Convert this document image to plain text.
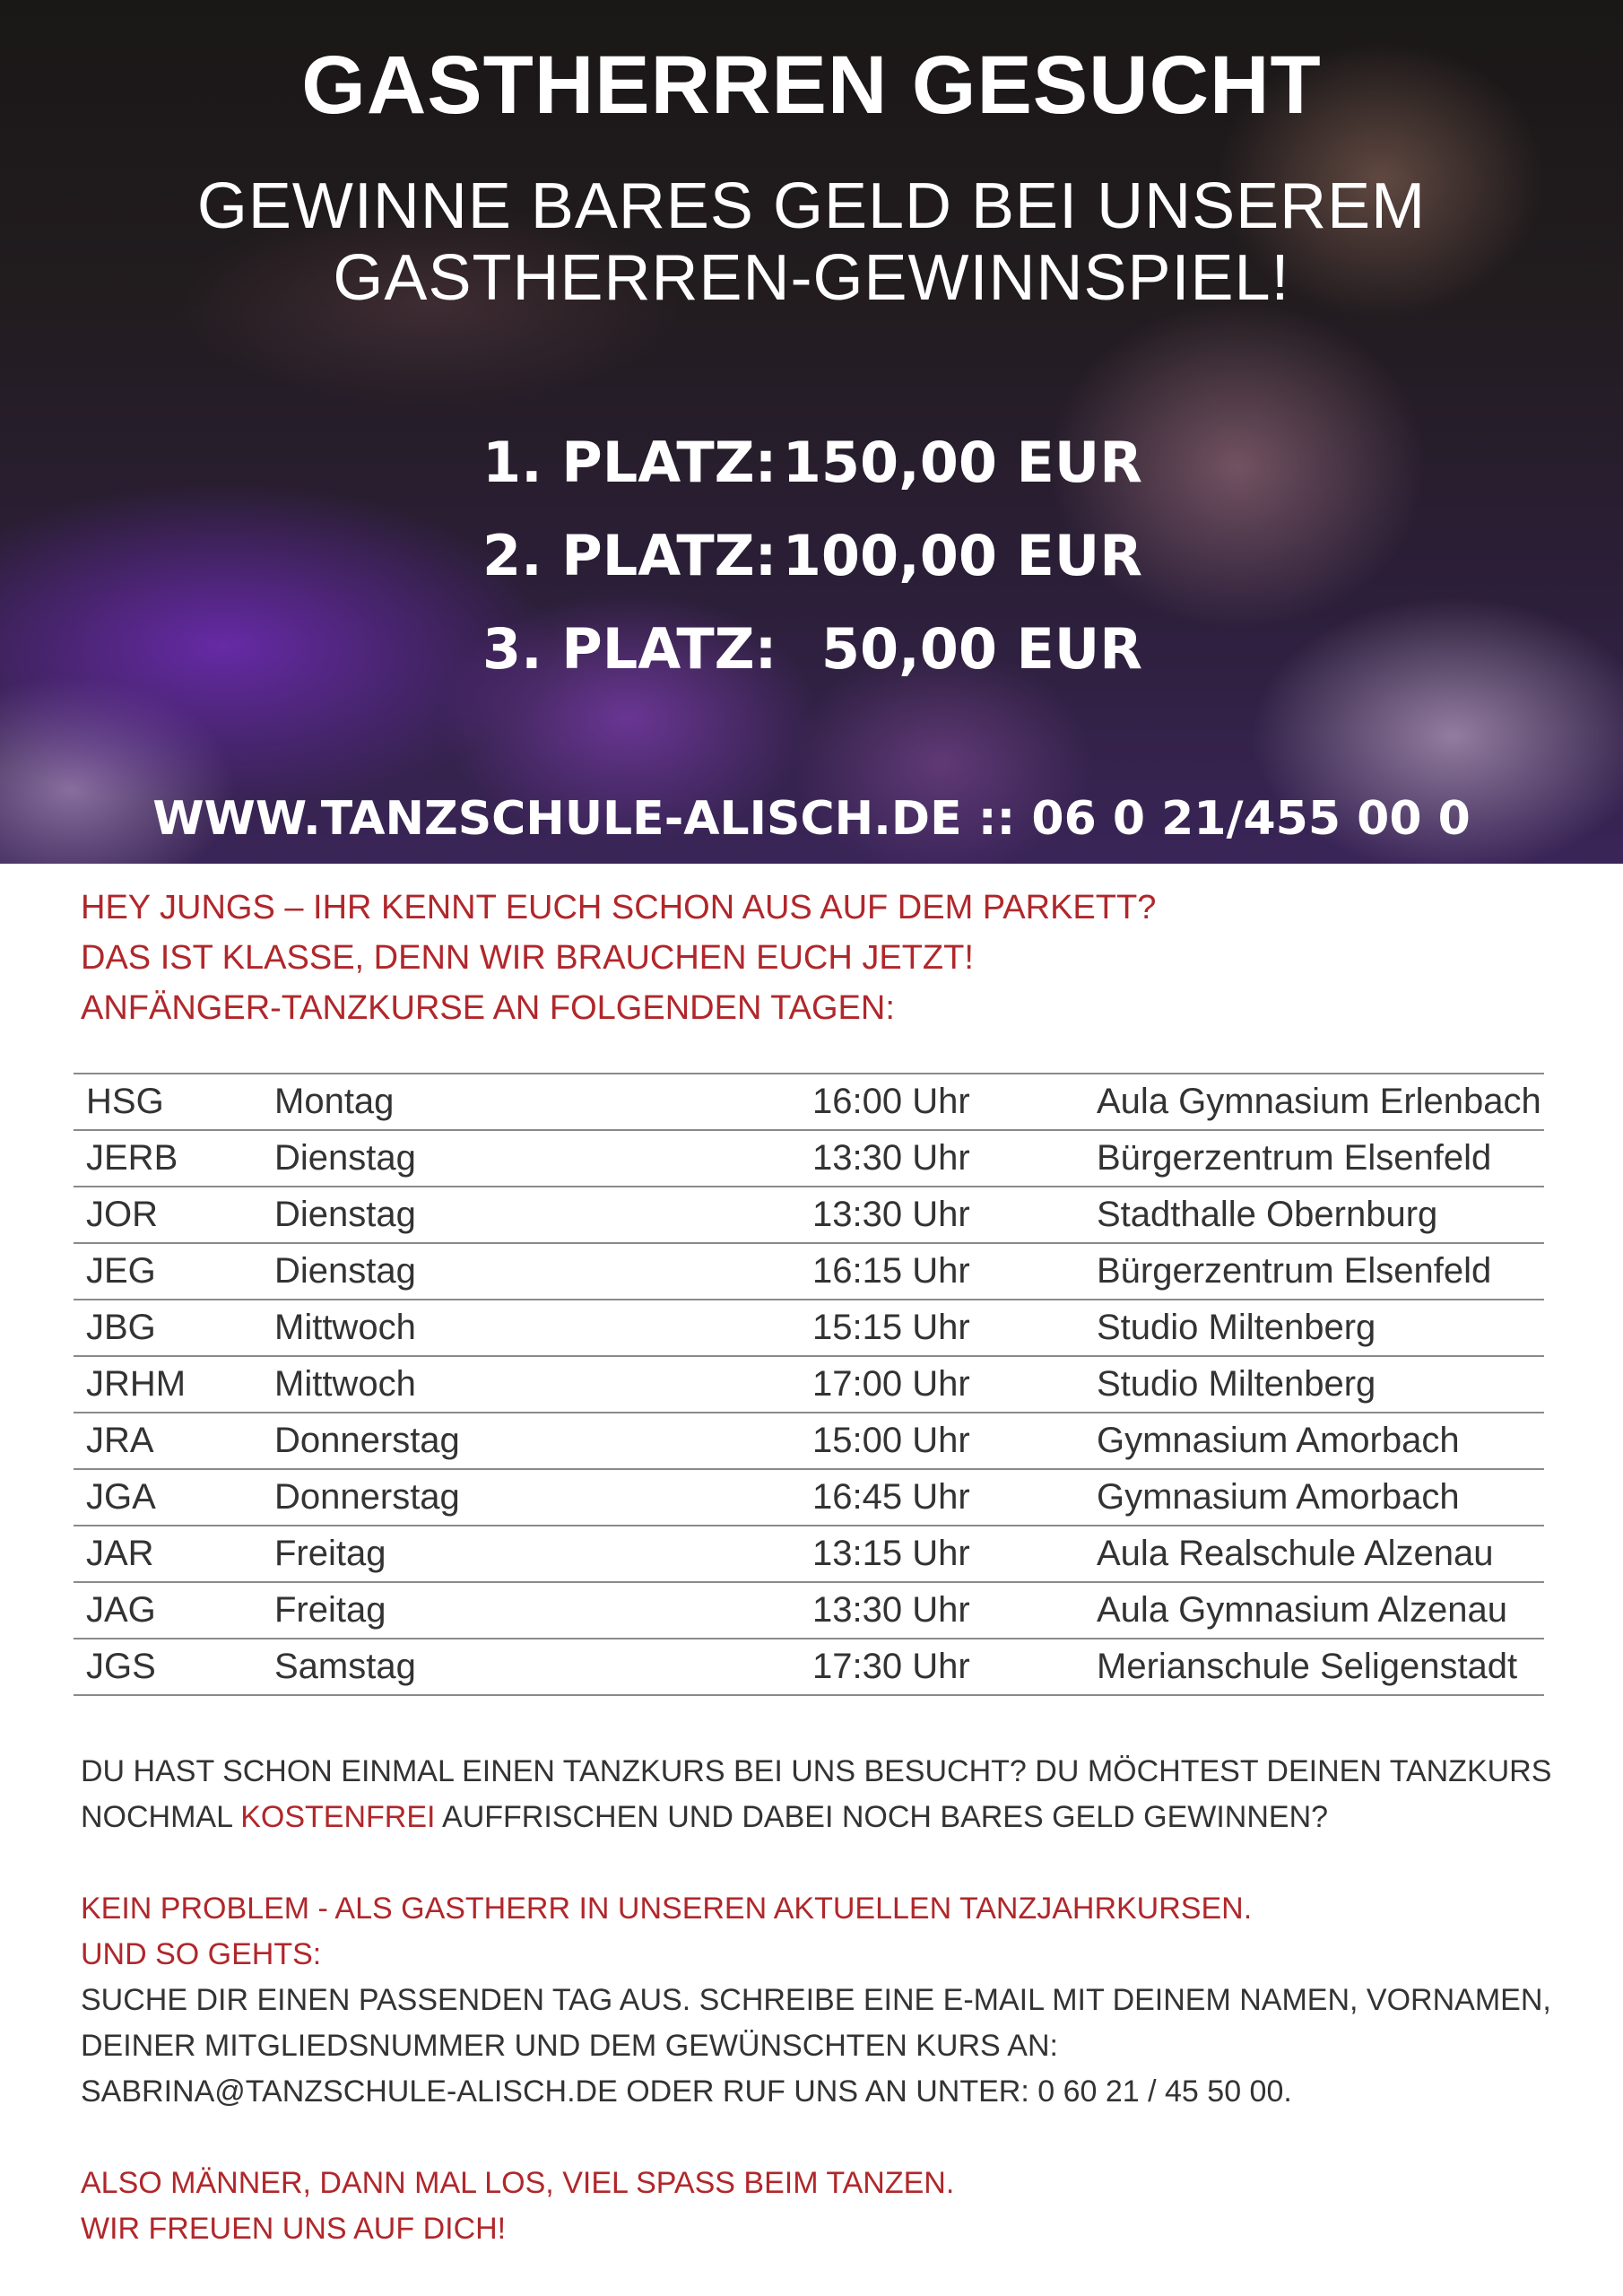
GASTHERREN GESUCHT
GEWINNE BARES GELD BEI UNSEREM
GASTHERREN-GEWINNSPIEL!
1. PLATZ: 150,00 EUR
2. PLATZ: 100,00 EUR
3. PLATZ: 50,00 EUR
WWW.TANZSCHULE-ALISCH.DE :: 06 0 21/455 00 0
HEY JUNGS – IHR KENNT EUCH SCHON AUS AUF DEM PARKETT?
DAS IST KLASSE, DENN WIR BRAUCHEN EUCH JETZT!
ANFÄNGER-TANZKURSE AN FOLGENDEN TAGEN:
HSG	Montag	16:00 Uhr	Aula Gymnasium Erlenbach
JERB	Dienstag	13:30 Uhr	Bürgerzentrum Elsenfeld
JOR	Dienstag	13:30 Uhr	Stadthalle Obernburg
JEG	Dienstag	16:15 Uhr	Bürgerzentrum Elsenfeld
JBG	Mittwoch	15:15 Uhr	Studio Miltenberg
JRHM	Mittwoch	17:00 Uhr	Studio Miltenberg
JRA	Donnerstag	15:00 Uhr	Gymnasium Amorbach
JGA	Donnerstag	16:45 Uhr	Gymnasium Amorbach
JAR	Freitag	13:15 Uhr	Aula Realschule Alzenau
JAG	Freitag	13:30 Uhr	Aula Gymnasium Alzenau
JGS	Samstag	17:30 Uhr	Merianschule Seligenstadt

DU HAST SCHON EINMAL EINEN TANZKURS BEI UNS BESUCHT? DU MÖCHTEST DEINEN TANZKURS

NOCHMAL KOSTENFREI AUFFRISCHEN UND DABEI NOCH BARES GELD GEWINNEN?

KEIN PROBLEM - ALS GASTHERR IN UNSEREN AKTUELLEN TANZJAHRKURSEN.

UND SO GEHTS:

SUCHE DIR EINEN PASSENDEN TAG AUS. SCHREIBE EINE E-MAIL MIT DEINEM NAMEN, VORNAMEN,

DEINER MITGLIEDSNUMMER UND DEM GEWÜNSCHTEN KURS AN:

SABRINA@TANZSCHULE-ALISCH.DE ODER RUF UNS AN UNTER: 0 60 21 / 45 50 00.

ALSO MÄNNER, DANN MAL LOS, VIEL SPASS BEIM TANZEN.

WIR FREUEN UNS AUF DICH!
